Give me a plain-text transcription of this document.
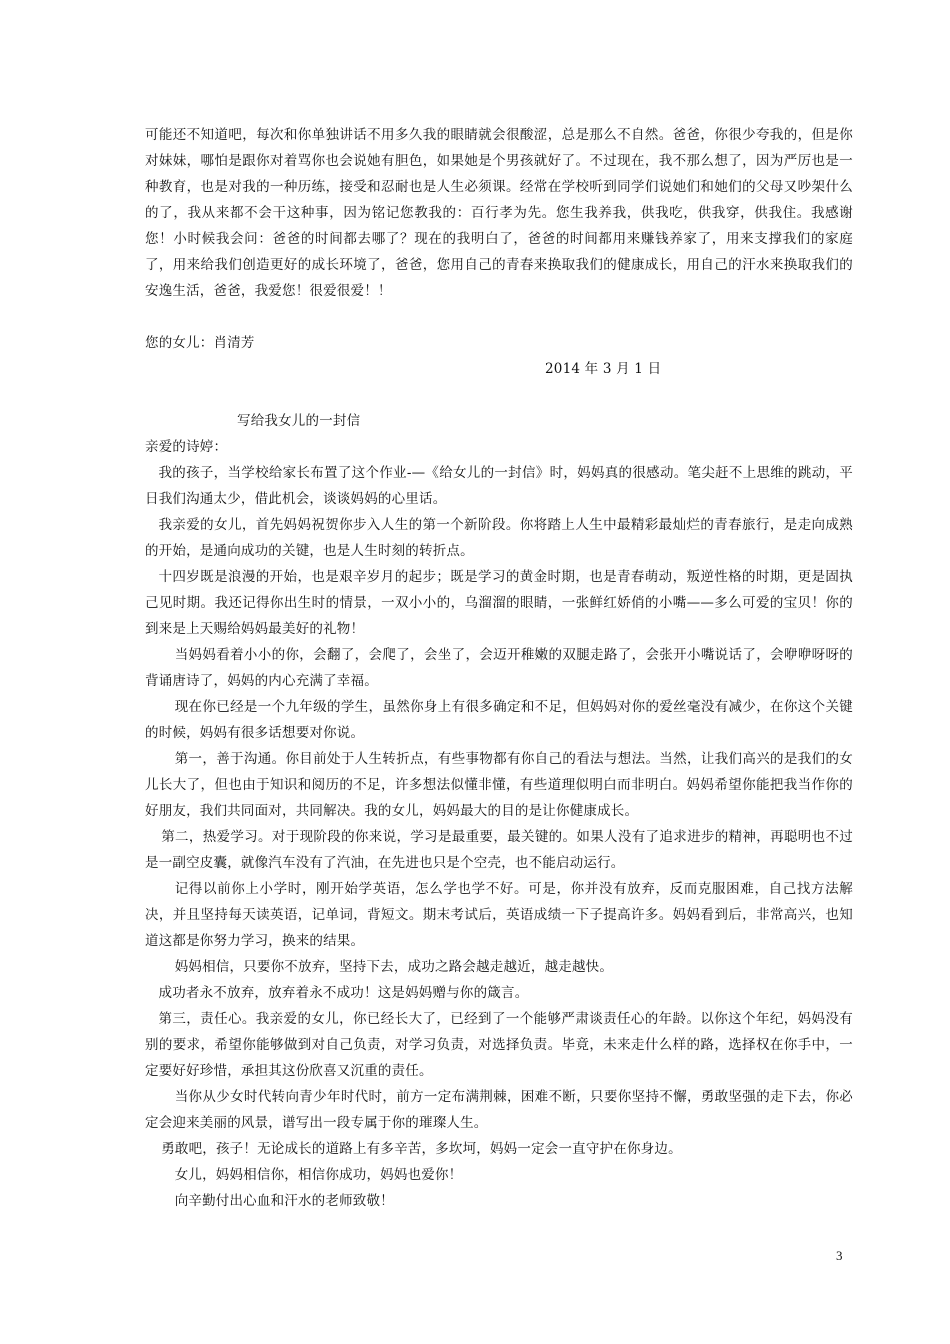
可能还不知道吧，每次和你单独讲话不用多久我的眼睛就会很酸涩，总是那么不自然。爸爸，你很少夸我的，但是你对妹妹，哪怕是跟你对着骂你也会说她有胆色，如果她是个男孩就好了。不过现在，我不那么想了，因为严厉也是一种教育，也是对我的一种历练，接受和忍耐也是人生必须课。经常在学校听到同学们说她们和她们的父母又吵架什么的了，我从来都不会干这种事，因为铭记您教我的：百行孝为先。您生我养我，供我吃，供我穿，供我住。我感谢您！小时候我会问：爸爸的时间都去哪了？现在的我明白了，爸爸的时间都用来赚钱养家了，用来支撑我们的家庭了，用来给我们创造更好的成长环境了，爸爸，您用自己的青春来换取我们的健康成长，用自己的汗水来换取我们的安逸生活，爸爸，我爱您！很爱很爱！！

您的女儿：肖清芳

2014 年 3 月 1 日

写给我女儿的一封信

亲爱的诗婷：

我的孩子，当学校给家长布置了这个作业-—《给女儿的一封信》时，妈妈真的很感动。笔尖赶不上思维的跳动，平日我们沟通太少，借此机会，谈谈妈妈的心里话。

我亲爱的女儿，首先妈妈祝贺你步入人生的第一个新阶段。你将踏上人生中最精彩最灿烂的青春旅行，是走向成熟的开始，是通向成功的关键，也是人生时刻的转折点。

十四岁既是浪漫的开始，也是艰辛岁月的起步；既是学习的黄金时期，也是青春萌动，叛逆性格的时期，更是固执己见时期。我还记得你出生时的情景，一双小小的，乌溜溜的眼睛，一张鲜红娇俏的小嘴——多么可爱的宝贝！你的到来是上天赐给妈妈最美好的礼物！

当妈妈看着小小的你，会翻了，会爬了，会坐了，会迈开稚嫩的双腿走路了，会张开小嘴说话了，会咿咿呀呀的背诵唐诗了，妈妈的内心充满了幸福。

现在你已经是一个九年级的学生，虽然你身上有很多确定和不足，但妈妈对你的爱丝毫没有减少，在你这个关键的时候，妈妈有很多话想要对你说。

第一，善于沟通。你目前处于人生转折点，有些事物都有你自己的看法与想法。当然，让我们高兴的是我们的女儿长大了，但也由于知识和阅历的不足，许多想法似懂非懂，有些道理似明白而非明白。妈妈希望你能把我当作你的好朋友，我们共同面对，共同解决。我的女儿，妈妈最大的目的是让你健康成长。

第二，热爱学习。对于现阶段的你来说，学习是最重要，最关键的。如果人没有了追求进步的精神，再聪明也不过是一副空皮囊，就像汽车没有了汽油，在先进也只是个空壳，也不能启动运行。

记得以前你上小学时，刚开始学英语，怎么学也学不好。可是，你并没有放弃，反而克服困难，自己找方法解决，并且坚持每天读英语，记单词，背短文。期末考试后，英语成绩一下子提高许多。妈妈看到后，非常高兴，也知道这都是你努力学习，换来的结果。

妈妈相信，只要你不放弃，坚持下去，成功之路会越走越近，越走越快。

成功者永不放弃，放弃着永不成功！这是妈妈赠与你的箴言。

第三，责任心。我亲爱的女儿，你已经长大了，已经到了一个能够严肃谈责任心的年龄。以你这个年纪，妈妈没有别的要求，希望你能够做到对自己负责，对学习负责，对选择负责。毕竟，未来走什么样的路，选择权在你手中，一定要好好珍惜，承担其这份欣喜又沉重的责任。

当你从少女时代转向青少年时代时，前方一定布满荆棘，困难不断，只要你坚持不懈，勇敢坚强的走下去，你必定会迎来美丽的风景，谱写出一段专属于你的璀璨人生。

勇敢吧，孩子！无论成长的道路上有多辛苦，多坎坷，妈妈一定会一直守护在你身边。

女儿，妈妈相信你，相信你成功，妈妈也爱你！

向辛勤付出心血和汗水的老师致敬！

3
